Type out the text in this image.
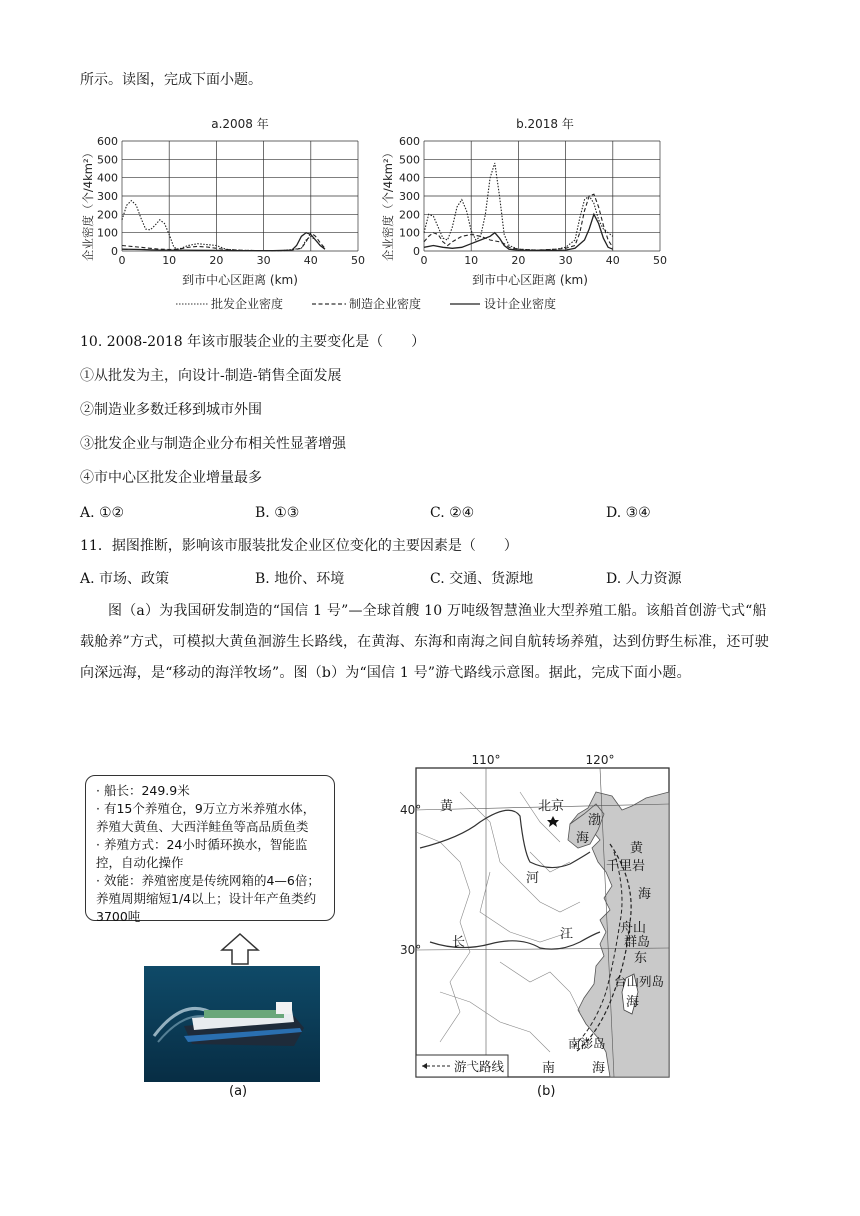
所示。读图，完成下面小题。
a.2008 年
企业密度（个/4km²） 0
100
200
300
400
500
600
0	10	20	30	40	50
到市中心区距离 (km)
b.2018 年
企业密度（个/4km²） 0
100
200
300
400
500
600
0	10	20	30	40	50
到市中心区距离 (km)
批发企业密度	制造企业密度	设计企业密度
10. 2008-2018 年该市服装企业的主要变化是（　　）
①从批发为主，向设计-制造-销售全面发展
②制造业多数迁移到城市外围
③批发企业与制造企业分布相关性显著增强
④市中心区批发企业增量最多
A. ①②	B. ①③	C. ②④	D. ③④
11．据图推断，影响该市服装批发企业区位变化的主要因素是（　　）
A. 市场、政策	B. 地价、环境	C. 交通、货源地	D. 人力资源
图（a）为我国研发制造的“国信 1 号”—全球首艘 10 万吨级智慧渔业大型养殖工船。该船首创游弋式“船载舱养”方式，可模拟大黄鱼洄游生长路线，在黄海、东海和南海之间自航转场养殖，达到仿野生标准，还可驶向深远海，是“移动的海洋牧场”。图（b）为“国信 1 号”游弋路线示意图。据此，完成下面小题。
· 船长：249.9米
· 有15个养殖仓，9万立方米养殖水体，养殖大黄鱼、大西洋鲑鱼等高品质鱼类
· 养殖方式：24小时循环换水，智能监控，自动化操作
· 效能：养殖密度是传统网箱的4—6倍；养殖周期缩短1/4以上；设计年产鱼类约3700吨
(a)
110°	120°
40°
30°
北京
黄
河
渤
海
千里岩
黄
海
舟山
群岛
长
江
东
台山列岛
海
南澎岛
南	海
游弋路线
(b)
